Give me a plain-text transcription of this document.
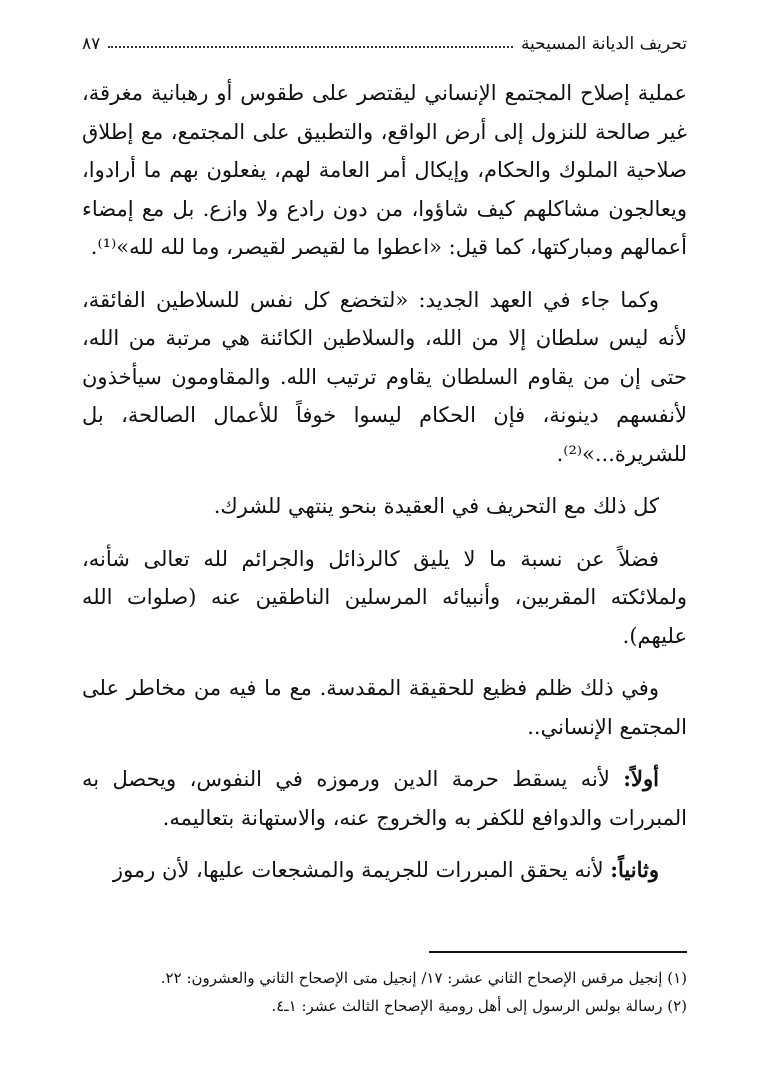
تحريف الديانة المسيحية
٨٧

عملية إصلاح المجتمع الإنساني ليقتصر على طقوس أو رهبانية مغرقة، غير صالحة للنزول إلى أرض الواقع، والتطبيق على المجتمع، مع إطلاق صلاحية الملوك والحكام، وإيكال أمر العامة لهم، يفعلون بهم ما أرادوا، ويعالجون مشاكلهم كيف شاؤوا، من دون رادع ولا وازع. بل مع إمضاء أعمالهم ومباركتها، كما قيل: «اعطوا ما لقيصر لقيصر، وما لله لله»⁽¹⁾.

وكما جاء في العهد الجديد: «لتخضع كل نفس للسلاطين الفائقة، لأنه ليس سلطان إلا من الله، والسلاطين الكائنة هي مرتبة من الله، حتى إن من يقاوم السلطان يقاوم ترتيب الله. والمقاومون سيأخذون لأنفسهم دينونة، فإن الحكام ليسوا خوفاً للأعمال الصالحة، بل للشريرة...»⁽²⁾.

كل ذلك مع التحريف في العقيدة بنحو ينتهي للشرك.

فضلاً عن نسبة ما لا يليق كالرذائل والجرائم لله تعالى شأنه، ولملائكته المقربين، وأنبيائه المرسلين الناطقين عنه (صلوات الله عليهم).

وفي ذلك ظلم فظيع للحقيقة المقدسة. مع ما فيه من مخاطر على المجتمع الإنساني..

أولاً: لأنه يسقط حرمة الدين ورموزه في النفوس، ويحصل به المبررات والدوافع للكفر به والخروج عنه، والاستهانة بتعاليمه.

وثانياً: لأنه يحقق المبررات للجريمة والمشجعات عليها، لأن رموز

(١) إنجيل مرقس الإصحاح الثاني عشر: ١٧/ إنجيل متى الإصحاح الثاني والعشرون: ٢٢.

(٢) رسالة بولس الرسول إلى أهل رومية الإصحاح الثالث عشر: ١ـ٤.
